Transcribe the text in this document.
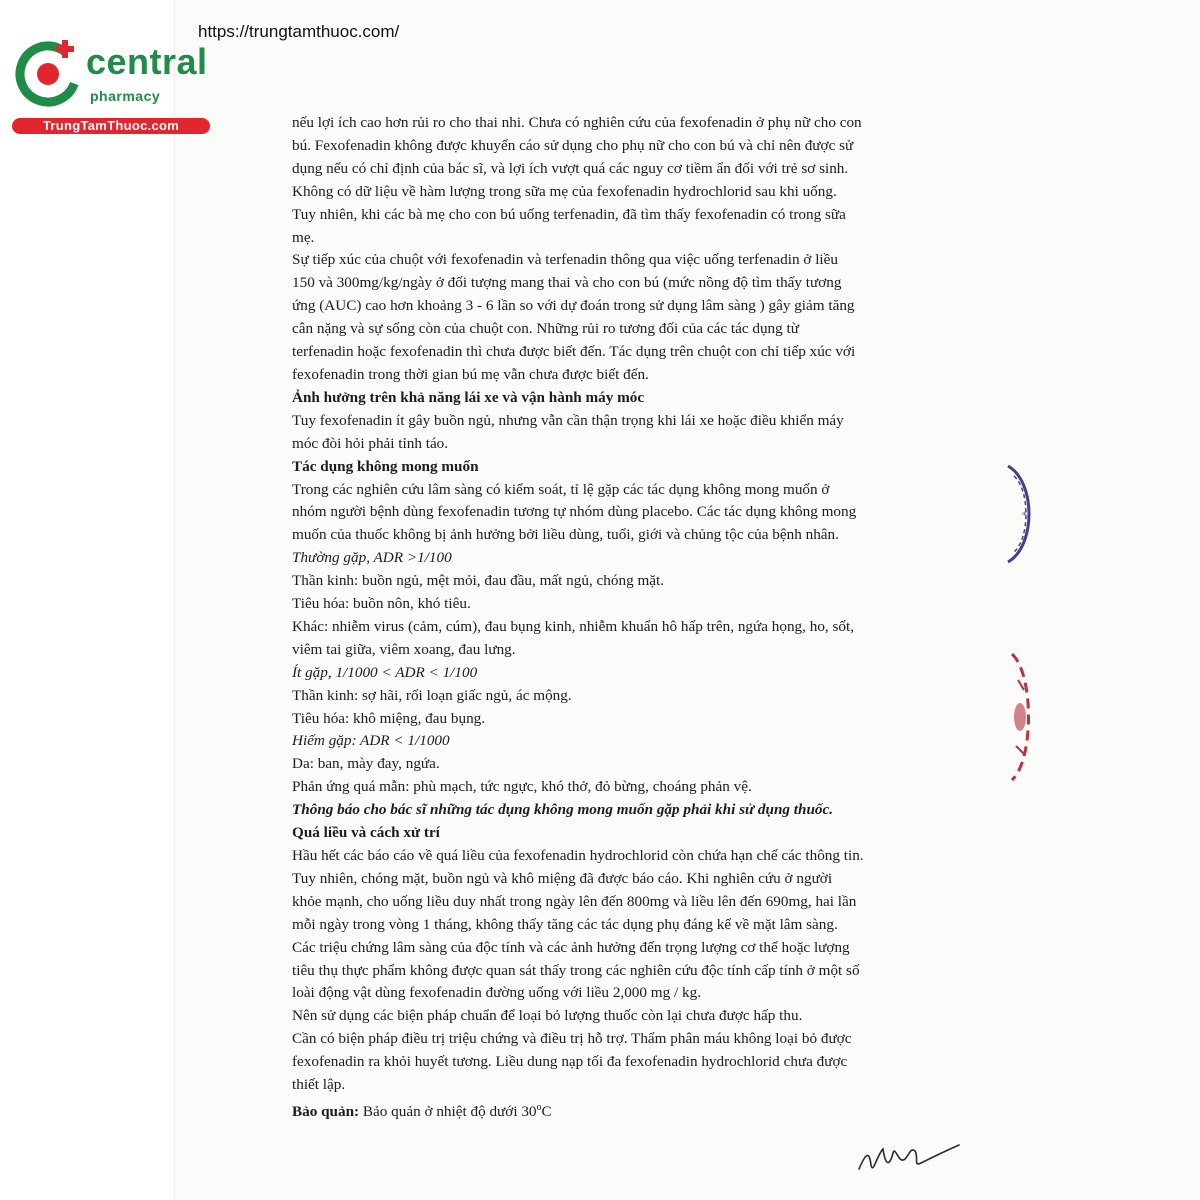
https://trungtamthuoc.com/
central
pharmacy
TrungTamThuoc.com	nếu lợi ích cao hơn rủi ro cho thai nhi. Chưa có nghiên cứu của fexofenadin ở phụ nữ cho con

bú. Fexofenadin không được khuyến cáo sử dụng cho phụ nữ cho con bú và chỉ nên được sử

dụng nếu có chỉ định của bác sĩ, và lợi ích vượt quá các nguy cơ tiềm ẩn đối với trẻ sơ sinh.

Không có dữ liệu về hàm lượng trong sữa mẹ của fexofenadin hydrochlorid sau khi uống.

Tuy nhiên, khi các bà mẹ cho con bú uống terfenadin, đã tìm thấy fexofenadin có trong sữa

mẹ.

Sự tiếp xúc của chuột với fexofenadin và terfenadin thông qua việc uống terfenadin ở liều

150 và 300mg/kg/ngày ở đối tượng mang thai và cho con bú (mức nồng độ tìm thấy tương

ứng (AUC) cao hơn khoảng 3 - 6 lần so với dự đoán trong sử dụng lâm sàng ) gây giảm tăng

cân nặng và sự sống còn của chuột con. Những rủi ro tương đối của các tác dụng từ

terfenadin hoặc fexofenadin thì chưa được biết đến. Tác dụng trên chuột con chỉ tiếp xúc với

fexofenadin trong thời gian bú mẹ vẫn chưa được biết đến.

Ảnh hưởng trên khả năng lái xe và vận hành máy móc

Tuy fexofenadin ít gây buồn ngủ, nhưng vẫn cần thận trọng khi lái xe hoặc điều khiển máy

móc đòi hỏi phải tỉnh táo.

Tác dụng không mong muốn

Trong các nghiên cứu lâm sàng có kiểm soát, tỉ lệ gặp các tác dụng không mong muốn ở

nhóm người bệnh dùng fexofenadin tương tự nhóm dùng placebo. Các tác dụng không mong

muốn của thuốc không bị ảnh hưởng bởi liều dùng, tuổi, giới và chủng tộc của bệnh nhân.

Thường gặp, ADR >1/100

Thần kinh: buồn ngủ, mệt mỏi, đau đầu, mất ngủ, chóng mặt.

Tiêu hóa: buồn nôn, khó tiêu.

Khác: nhiễm virus (cảm, cúm), đau bụng kinh, nhiễm khuẩn hô hấp trên, ngứa họng, ho, sốt,

viêm tai giữa, viêm xoang, đau lưng.

Ít gặp, 1/1000 < ADR < 1/100

Thần kinh: sợ hãi, rối loạn giấc ngủ, ác mộng.

Tiêu hóa: khô miệng, đau bụng.

Hiếm gặp: ADR < 1/1000

Da: ban, mày đay, ngứa.

Phản ứng quá mẫn: phù mạch, tức ngực, khó thở, đỏ bừng, choáng phản vệ.

Thông báo cho bác sĩ những tác dụng không mong muốn gặp phải khi sử dụng thuốc.

Quá liều và cách xử trí

Hầu hết các báo cáo về quá liều của fexofenadin hydrochlorid còn chứa hạn chế các thông tin.

Tuy nhiên, chóng mặt, buồn ngủ và khô miệng đã được báo cáo. Khi nghiên cứu ở người

khỏe mạnh, cho uống liều duy nhất trong ngày lên đến 800mg và liều lên đến 690mg, hai lần

mỗi ngày trong vòng 1 tháng, không thấy tăng các tác dụng phụ đáng kể về mặt lâm sàng.

Các triệu chứng lâm sàng của độc tính và các ảnh hưởng đến trọng lượng cơ thể hoặc lượng

tiêu thụ thực phẩm không được quan sát thấy trong các nghiên cứu độc tính cấp tính ở một số

loài động vật dùng fexofenadin đường uống với liều 2,000 mg / kg.

Nên sử dụng các biện pháp chuẩn để loại bỏ lượng thuốc còn lại chưa được hấp thu.

Cần có biện pháp điều trị triệu chứng và điều trị hỗ trợ. Thẩm phân máu không loại bỏ được

fexofenadin ra khỏi huyết tương. Liều dung nạp tối đa fexofenadin hydrochlorid chưa được

thiết lập.

Bảo quản: Bảo quản ở nhiệt độ dưới 30$^o$C

*
